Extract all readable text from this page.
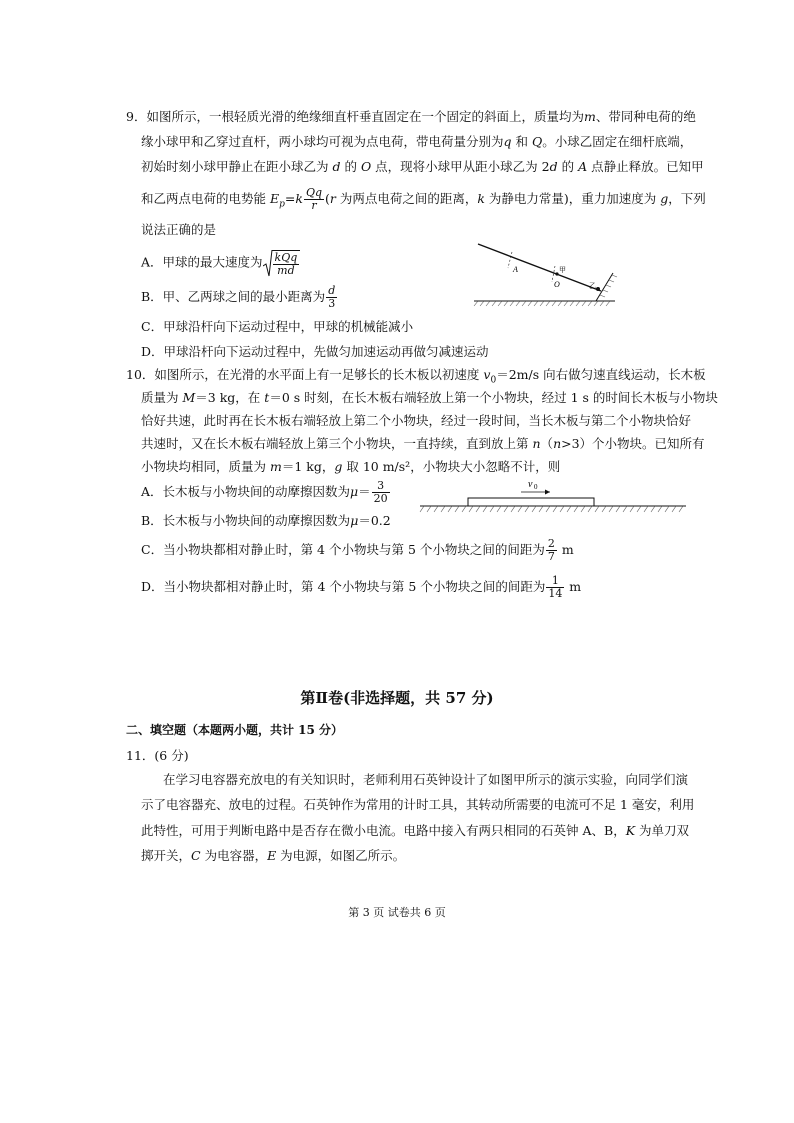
9．如图所示，一根轻质光滑的绝缘细直杆垂直固定在一个固定的斜面上，质量均为m、带同种电荷的绝
缘小球甲和乙穿过直杆，两小球均可视为点电荷，带电荷量分别为q 和 Q。小球乙固定在细杆底端，
初始时刻小球甲静止在距小球乙为 d 的 O 点，现将小球甲从距小球乙为 2d 的 A 点静止释放。已知甲
和乙两点电荷的电势能 $E_p=k \frac{Qq}{r} (r$ 为两点电荷之间的距离，k 为静电力常量)，重力加速度为 g，下列
说法正确的是
A．甲球的最大速度为 $\frac{\text{kQq}}{md}$
B．甲、乙两球之间的最小距离为 $\frac{d}{3}$
C．甲球沿杆向下运动过程中，甲球的机械能减小
D．甲球沿杆向下运动过程中，先做匀加速运动再做匀减速运动
A
O
甲
乙
10．如图所示，在光滑的水平面上有一足够长的长木板以初速度 $v_0=2m/s$ 向右做匀速直线运动，长木板
质量为 M＝3 kg，在 t＝0 s 时刻，在长木板右端轻放上第一个小物块，经过 1 s 的时间长木板与小物块
恰好共速，此时再在长木板右端轻放上第二个小物块，经过一段时间，当长木板与第二个小物块恰好
共速时，又在长木板右端轻放上第三个小物块，一直持续，直到放上第 n（n>3）个小物块。已知所有
小物块均相同，质量为 m＝1 kg，g 取 10 m/s²，小物块大小忽略不计，则
A．长木板与小物块间的动摩擦因数为$\mu= \frac{3}{20}$
B．长木板与小物块间的动摩擦因数为μ＝0.2
C．当小物块都相对静止时，第 4 个小物块与第 5 个小物块之间的间距为 $\frac{2}{7}$ m
D．当小物块都相对静止时，第 4 个小物块与第 5 个小物块之间的间距为 $\frac{1}{14}$ m
v 0
第Ⅱ卷(非选择题，共 57 分)
二、填空题（本题两小题，共计 15 分）
11．(6 分)
在学习电容器充放电的有关知识时，老师利用石英钟设计了如图甲所示的演示实验，向同学们演
示了电容器充、放电的过程。石英钟作为常用的计时工具，其转动所需要的电流可不足 1 毫安，利用
此特性，可用于判断电路中是否存在微小电流。电路中接入有两只相同的石英钟 A、B，K 为单刀双
掷开关，C 为电容器，E 为电源，如图乙所示。
第 3 页 试卷共 6 页
